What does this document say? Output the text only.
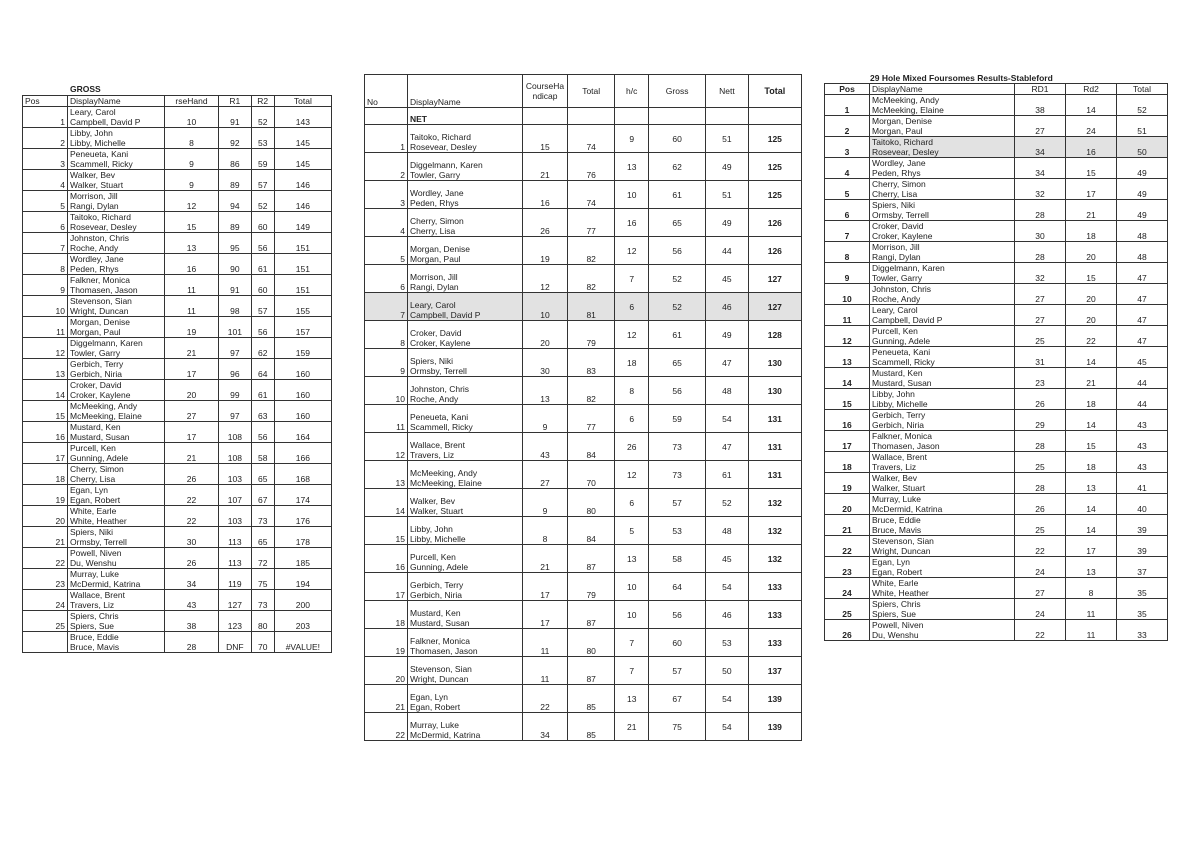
GROSS
Pos	DisplayName	rseHand	R1	R2	Total
1	Leary, Carol
Campbell, David P	10	91	52	143
2	Libby, John
Libby, Michelle	8	92	53	145
3	Peneueta, Kani
Scammell, Ricky	9	86	59	145
4	Walker, Bev
Walker, Stuart	9	89	57	146
5	Morrison, Jill
Rangi, Dylan	12	94	52	146
6	Taitoko, Richard
Rosevear, Desley	15	89	60	149
7	Johnston, Chris
Roche, Andy	13	95	56	151
8	Wordley, Jane
Peden, Rhys	16	90	61	151
9	Falkner, Monica
Thomasen, Jason	11	91	60	151
10	Stevenson, Sian
Wright, Duncan	11	98	57	155
11	Morgan, Denise
Morgan, Paul	19	101	56	157
12	Diggelmann, Karen
Towler, Garry	21	97	62	159
13	Gerbich, Terry
Gerbich, Niria	17	96	64	160
14	Croker, David
Croker, Kaylene	20	99	61	160
15	McMeeking, Andy
McMeeking, Elaine	27	97	63	160
16	Mustard, Ken
Mustard, Susan	17	108	56	164
17	Purcell, Ken
Gunning, Adele	21	108	58	166
18	Cherry, Simon
Cherry, Lisa	26	103	65	168
19	Egan, Lyn
Egan, Robert	22	107	67	174
20	White, Earle
White, Heather	22	103	73	176
21	Spiers, Niki
Ormsby, Terrell	30	113	65	178
22	Powell, Niven
Du, Wenshu	26	113	72	185
23	Murray, Luke
McDermid, Katrina	34	119	75	194
24	Wallace, Brent
Travers, Liz	43	127	73	200
25	Spiers, Chris
Spiers, Sue	38	123	80	203

	Bruce, Eddie
Bruce, Mavis	28	DNF	70	#VALUE!
No	DisplayName	CourseHandicap	Total	h/c	Gross	Nett	Total
	NET						
1	Taitoko, Richard
Rosevear, Desley	15	74	9	60	51	125
2	Diggelmann, Karen
Towler, Garry	21	76	13	62	49	125
3	Wordley, Jane
Peden, Rhys	16	74	10	61	51	125
4	Cherry, Simon
Cherry, Lisa	26	77	16	65	49	126
5	Morgan, Denise
Morgan, Paul	19	82	12	56	44	126
6	Morrison, Jill
Rangi, Dylan	12	82	7	52	45	127
7	Leary, Carol
Campbell, David P	10	81	6	52	46	127
8	Croker, David
Croker, Kaylene	20	79	12	61	49	128
9	Spiers, Niki
Ormsby, Terrell	30	83	18	65	47	130
10	Johnston, Chris
Roche, Andy	13	82	8	56	48	130
11	Peneueta, Kani
Scammell, Ricky	9	77	6	59	54	131
12	Wallace, Brent
Travers, Liz	43	84	26	73	47	131
13	McMeeking, Andy
McMeeking, Elaine	27	70	12	73	61	131
14	Walker, Bev
Walker, Stuart	9	80	6	57	52	132
15	Libby, John
Libby, Michelle	8	84	5	53	48	132
16	Purcell, Ken
Gunning, Adele	21	87	13	58	45	132
17	Gerbich, Terry
Gerbich, Niria	17	79	10	64	54	133
18	Mustard, Ken
Mustard, Susan	17	87	10	56	46	133
19	Falkner, Monica
Thomasen, Jason	11	80	7	60	53	133
20	Stevenson, Sian
Wright, Duncan	11	87	7	57	50	137
21	Egan, Lyn
Egan, Robert	22	85	13	67	54	139
22	Murray, Luke
McDermid, Katrina	34	85	21	75	54	139
29 Hole Mixed Foursomes Results-Stableford
Pos	DisplayName	RD1	Rd2	Total
1	McMeeking, Andy
McMeeking, Elaine	38	14	52
2	Morgan, Denise
Morgan, Paul	27	24	51
3	Taitoko, Richard
Rosevear, Desley	34	16	50
4	Wordley, Jane
Peden, Rhys	34	15	49
5	Cherry, Simon
Cherry, Lisa	32	17	49
6	Spiers, Niki
Ormsby, Terrell	28	21	49
7	Croker, David
Croker, Kaylene	30	18	48
8	Morrison, Jill
Rangi, Dylan	28	20	48
9	Diggelmann, Karen
Towler, Garry	32	15	47
10	Johnston, Chris
Roche, Andy	27	20	47
11	Leary, Carol
Campbell, David P	27	20	47
12	Purcell, Ken
Gunning, Adele	25	22	47
13	Peneueta, Kani
Scammell, Ricky	31	14	45
14	Mustard, Ken
Mustard, Susan	23	21	44
15	Libby, John
Libby, Michelle	26	18	44
16	Gerbich, Terry
Gerbich, Niria	29	14	43
17	Falkner, Monica
Thomasen, Jason	28	15	43
18	Wallace, Brent
Travers, Liz	25	18	43
19	Walker, Bev
Walker, Stuart	28	13	41
20	Murray, Luke
McDermid, Katrina	26	14	40
21	Bruce, Eddie
Bruce, Mavis	25	14	39
22	Stevenson, Sian
Wright, Duncan	22	17	39
23	Egan, Lyn
Egan, Robert	24	13	37
24	White, Earle
White, Heather	27	8	35
25	Spiers, Chris
Spiers, Sue	24	11	35
26	Powell, Niven
Du, Wenshu	22	11	33
